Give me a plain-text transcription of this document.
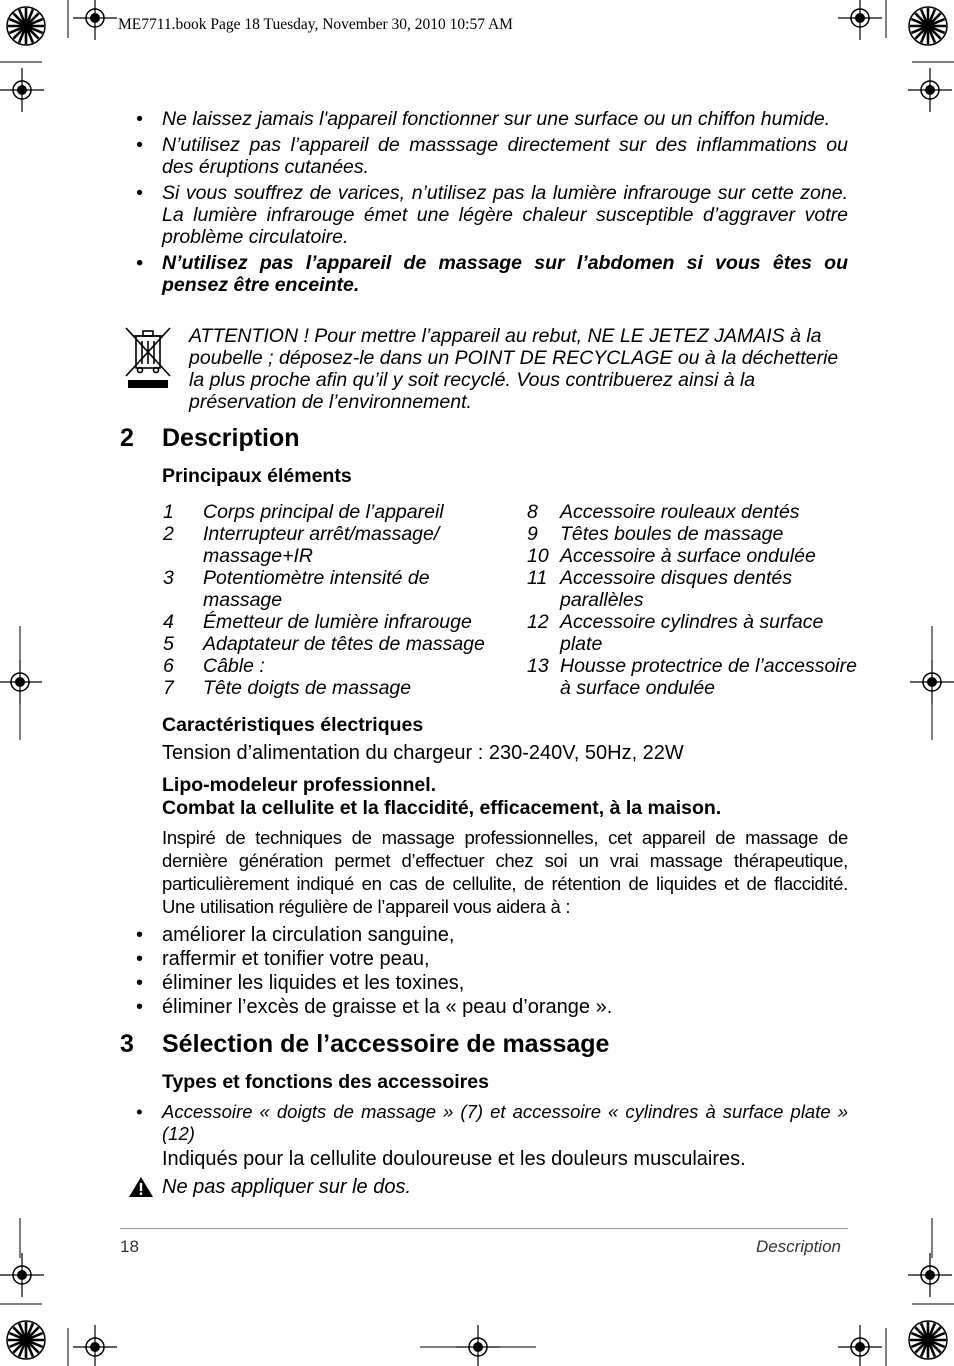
ME7711.book Page 18 Tuesday, November 30, 2010 10:57 AM
• Ne laissez jamais l'appareil fonctionner sur une surface ou un chiffon humide.
• N’utilisez pas l’appareil de masssage directement sur des inflammations ou des éruptions cutanées.
• Si vous souffrez de varices, n’utilisez pas la lumière infrarouge sur cette zone. La lumière infrarouge émet une légère chaleur susceptible d’aggraver votre problème circulatoire.
• N’utilisez pas l’appareil de massage sur l’abdomen si vous êtes ou pensez être enceinte.
ATTENTION ! Pour mettre l’appareil au rebut, NE LE JETEZ JAMAIS à la poubelle ; déposez-le dans un POINT DE RECYCLAGE ou à la déchetterie la plus proche afin qu’il y soit recyclé. Vous contribuerez ainsi à la préservation de l’environnement.
2 Description
Principaux éléments
1 Corps principal de l’appareil
2 Interrupteur arrêt/massage/ massage+IR
3 Potentiomètre intensité de massage
4 Émetteur de lumière infrarouge
5 Adaptateur de têtes de massage
6 Câble :
7 Tête doigts de massage
8 Accessoire rouleaux dentés
9 Têtes boules de massage
10 Accessoire à surface ondulée
11 Accessoire disques dentés parallèles
12 Accessoire cylindres à surface plate
13 Housse protectrice de l’accessoire à surface ondulée
Caractéristiques électriques
Tension d’alimentation du chargeur : 230-240V, 50Hz, 22W
Lipo-modeleur professionnel.
Combat la cellulite et la flaccidité, efficacement, à la maison.
Inspiré de techniques de massage professionnelles, cet appareil de massage de dernière génération permet d’effectuer chez soi un vrai massage thérapeutique, particulièrement indiqué en cas de cellulite, de rétention de liquides et de flaccidité. Une utilisation régulière de l’appareil vous aidera à :
• améliorer la circulation sanguine,
• raffermir et tonifier votre peau,
• éliminer les liquides et les toxines,
• éliminer l’excès de graisse et la « peau d’orange ».
3 Sélection de l’accessoire de massage
Types et fonctions des accessoires
• Accessoire « doigts de massage » (7) et accessoire « cylindres à surface plate » (12)
Indiqués pour la cellulite douloureuse et les douleurs musculaires.
Ne pas appliquer sur le dos.
18	Description
